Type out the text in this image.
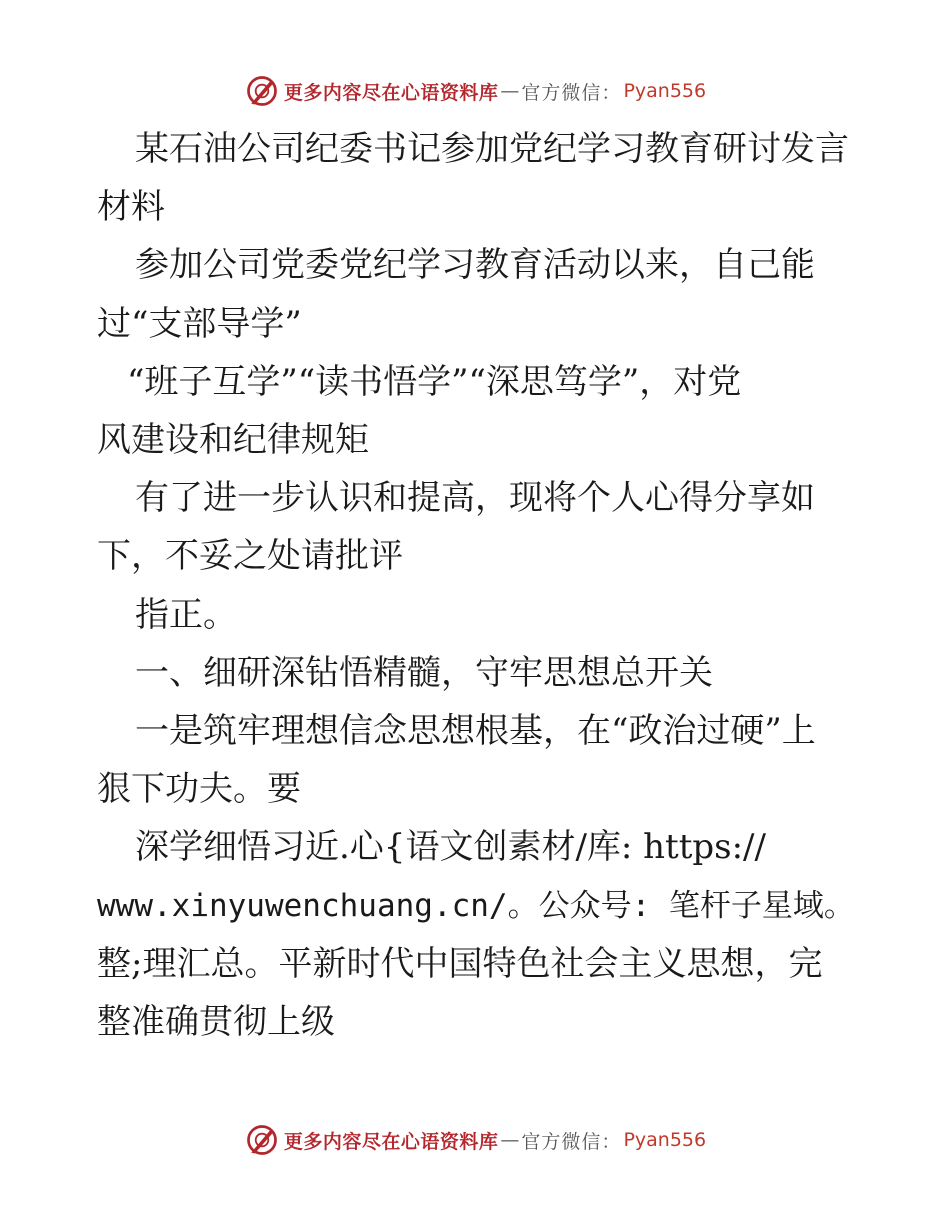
更多内容尽在心语资料库 — 官方微信： Pyan556

某石油公司纪委书记参加党纪学习教育研讨发言

材料

参加公司党委党纪学习教育活动以来，自己能

过“支部导学”

“班子互学”“读书悟学”“深思笃学”，对党

风建设和纪律规矩

有了进一步认识和提高，现将个人心得分享如

下，不妥之处请批评

指正。

一、细研深钻悟精髓，守牢思想总开关

一是筑牢理想信念思想根基，在“政治过硬”上

狠下功夫。要

深学细悟习近.心{语文创素材/库: https://

www.xinyuwenchuang.cn/。公众号: 笔杆子星域。

整;理汇总。平新时代中国特色社会主义思想，完

整准确贯彻上级

更多内容尽在心语资料库 — 官方微信： Pyan556
